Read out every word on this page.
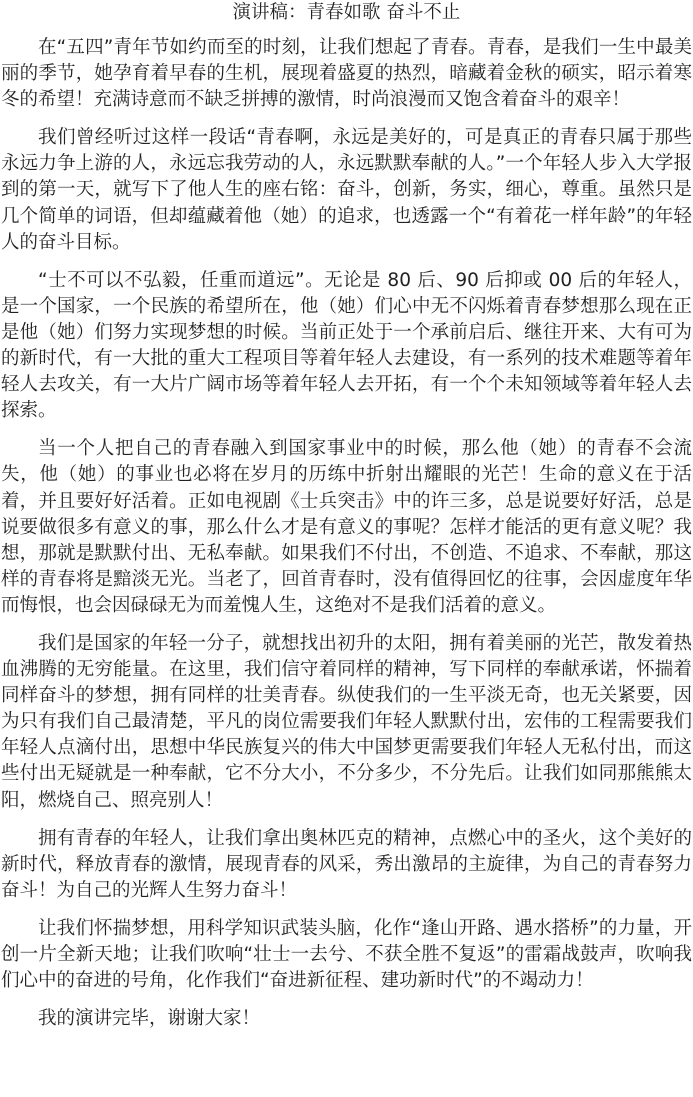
演讲稿：青春如歌 奋斗不止

在“五四”青年节如约而至的时刻，让我们想起了青春。青春，是我们一生中最美丽的季节，她孕育着早春的生机，展现着盛夏的热烈，暗藏着金秋的硕实，昭示着寒冬的希望！充满诗意而不缺乏拼搏的激情，时尚浪漫而又饱含着奋斗的艰辛！

我们曾经听过这样一段话“青春啊，永远是美好的，可是真正的青春只属于那些永远力争上游的人，永远忘我劳动的人，永远默默奉献的人。”一个年轻人步入大学报到的第一天，就写下了他人生的座右铭：奋斗，创新，务实，细心，尊重。虽然只是几个简单的词语，但却蕴藏着他（她）的追求，也透露一个“有着花一样年龄”的年轻人的奋斗目标。

“士不可以不弘毅，任重而道远”。无论是 80 后、90 后抑或 00 后的年轻人，是一个国家，一个民族的希望所在，他（她）们心中无不闪烁着青春梦想那么现在正是他（她）们努力实现梦想的时候。当前正处于一个承前启后、继往开来、大有可为的新时代，有一大批的重大工程项目等着年轻人去建设，有一系列的技术难题等着年轻人去攻关，有一大片广阔市场等着年轻人去开拓，有一个个未知领域等着年轻人去探索。

当一个人把自己的青春融入到国家事业中的时候，那么他（她）的青春不会流失，他（她）的事业也必将在岁月的历练中折射出耀眼的光芒！生命的意义在于活着，并且要好好活着。正如电视剧《士兵突击》中的许三多，总是说要好好活，总是说要做很多有意义的事，那么什么才是有意义的事呢？怎样才能活的更有意义呢？我想，那就是默默付出、无私奉献。如果我们不付出，不创造、不追求、不奉献，那这样的青春将是黯淡无光。当老了，回首青春时，没有值得回忆的往事，会因虚度年华而悔恨，也会因碌碌无为而羞愧人生，这绝对不是我们活着的意义。

我们是国家的年轻一分子，就想找出初升的太阳，拥有着美丽的光芒，散发着热血沸腾的无穷能量。在这里，我们信守着同样的精神，写下同样的奉献承诺，怀揣着同样奋斗的梦想，拥有同样的壮美青春。纵使我们的一生平淡无奇，也无关紧要，因为只有我们自己最清楚，平凡的岗位需要我们年轻人默默付出，宏伟的工程需要我们年轻人点滴付出，思想中华民族复兴的伟大中国梦更需要我们年轻人无私付出，而这些付出无疑就是一种奉献，它不分大小，不分多少，不分先后。让我们如同那熊熊太阳，燃烧自己、照亮别人！

拥有青春的年轻人，让我们拿出奥林匹克的精神，点燃心中的圣火，这个美好的新时代，释放青春的激情，展现青春的风采，秀出激昂的主旋律，为自己的青春努力奋斗！为自己的光辉人生努力奋斗！

让我们怀揣梦想，用科学知识武装头脑，化作“逢山开路、遇水搭桥”的力量，开创一片全新天地；让我们吹响“壮士一去兮、不获全胜不复返”的雷霜战鼓声，吹响我们心中的奋进的号角，化作我们“奋进新征程、建功新时代”的不竭动力！

我的演讲完毕，谢谢大家！
